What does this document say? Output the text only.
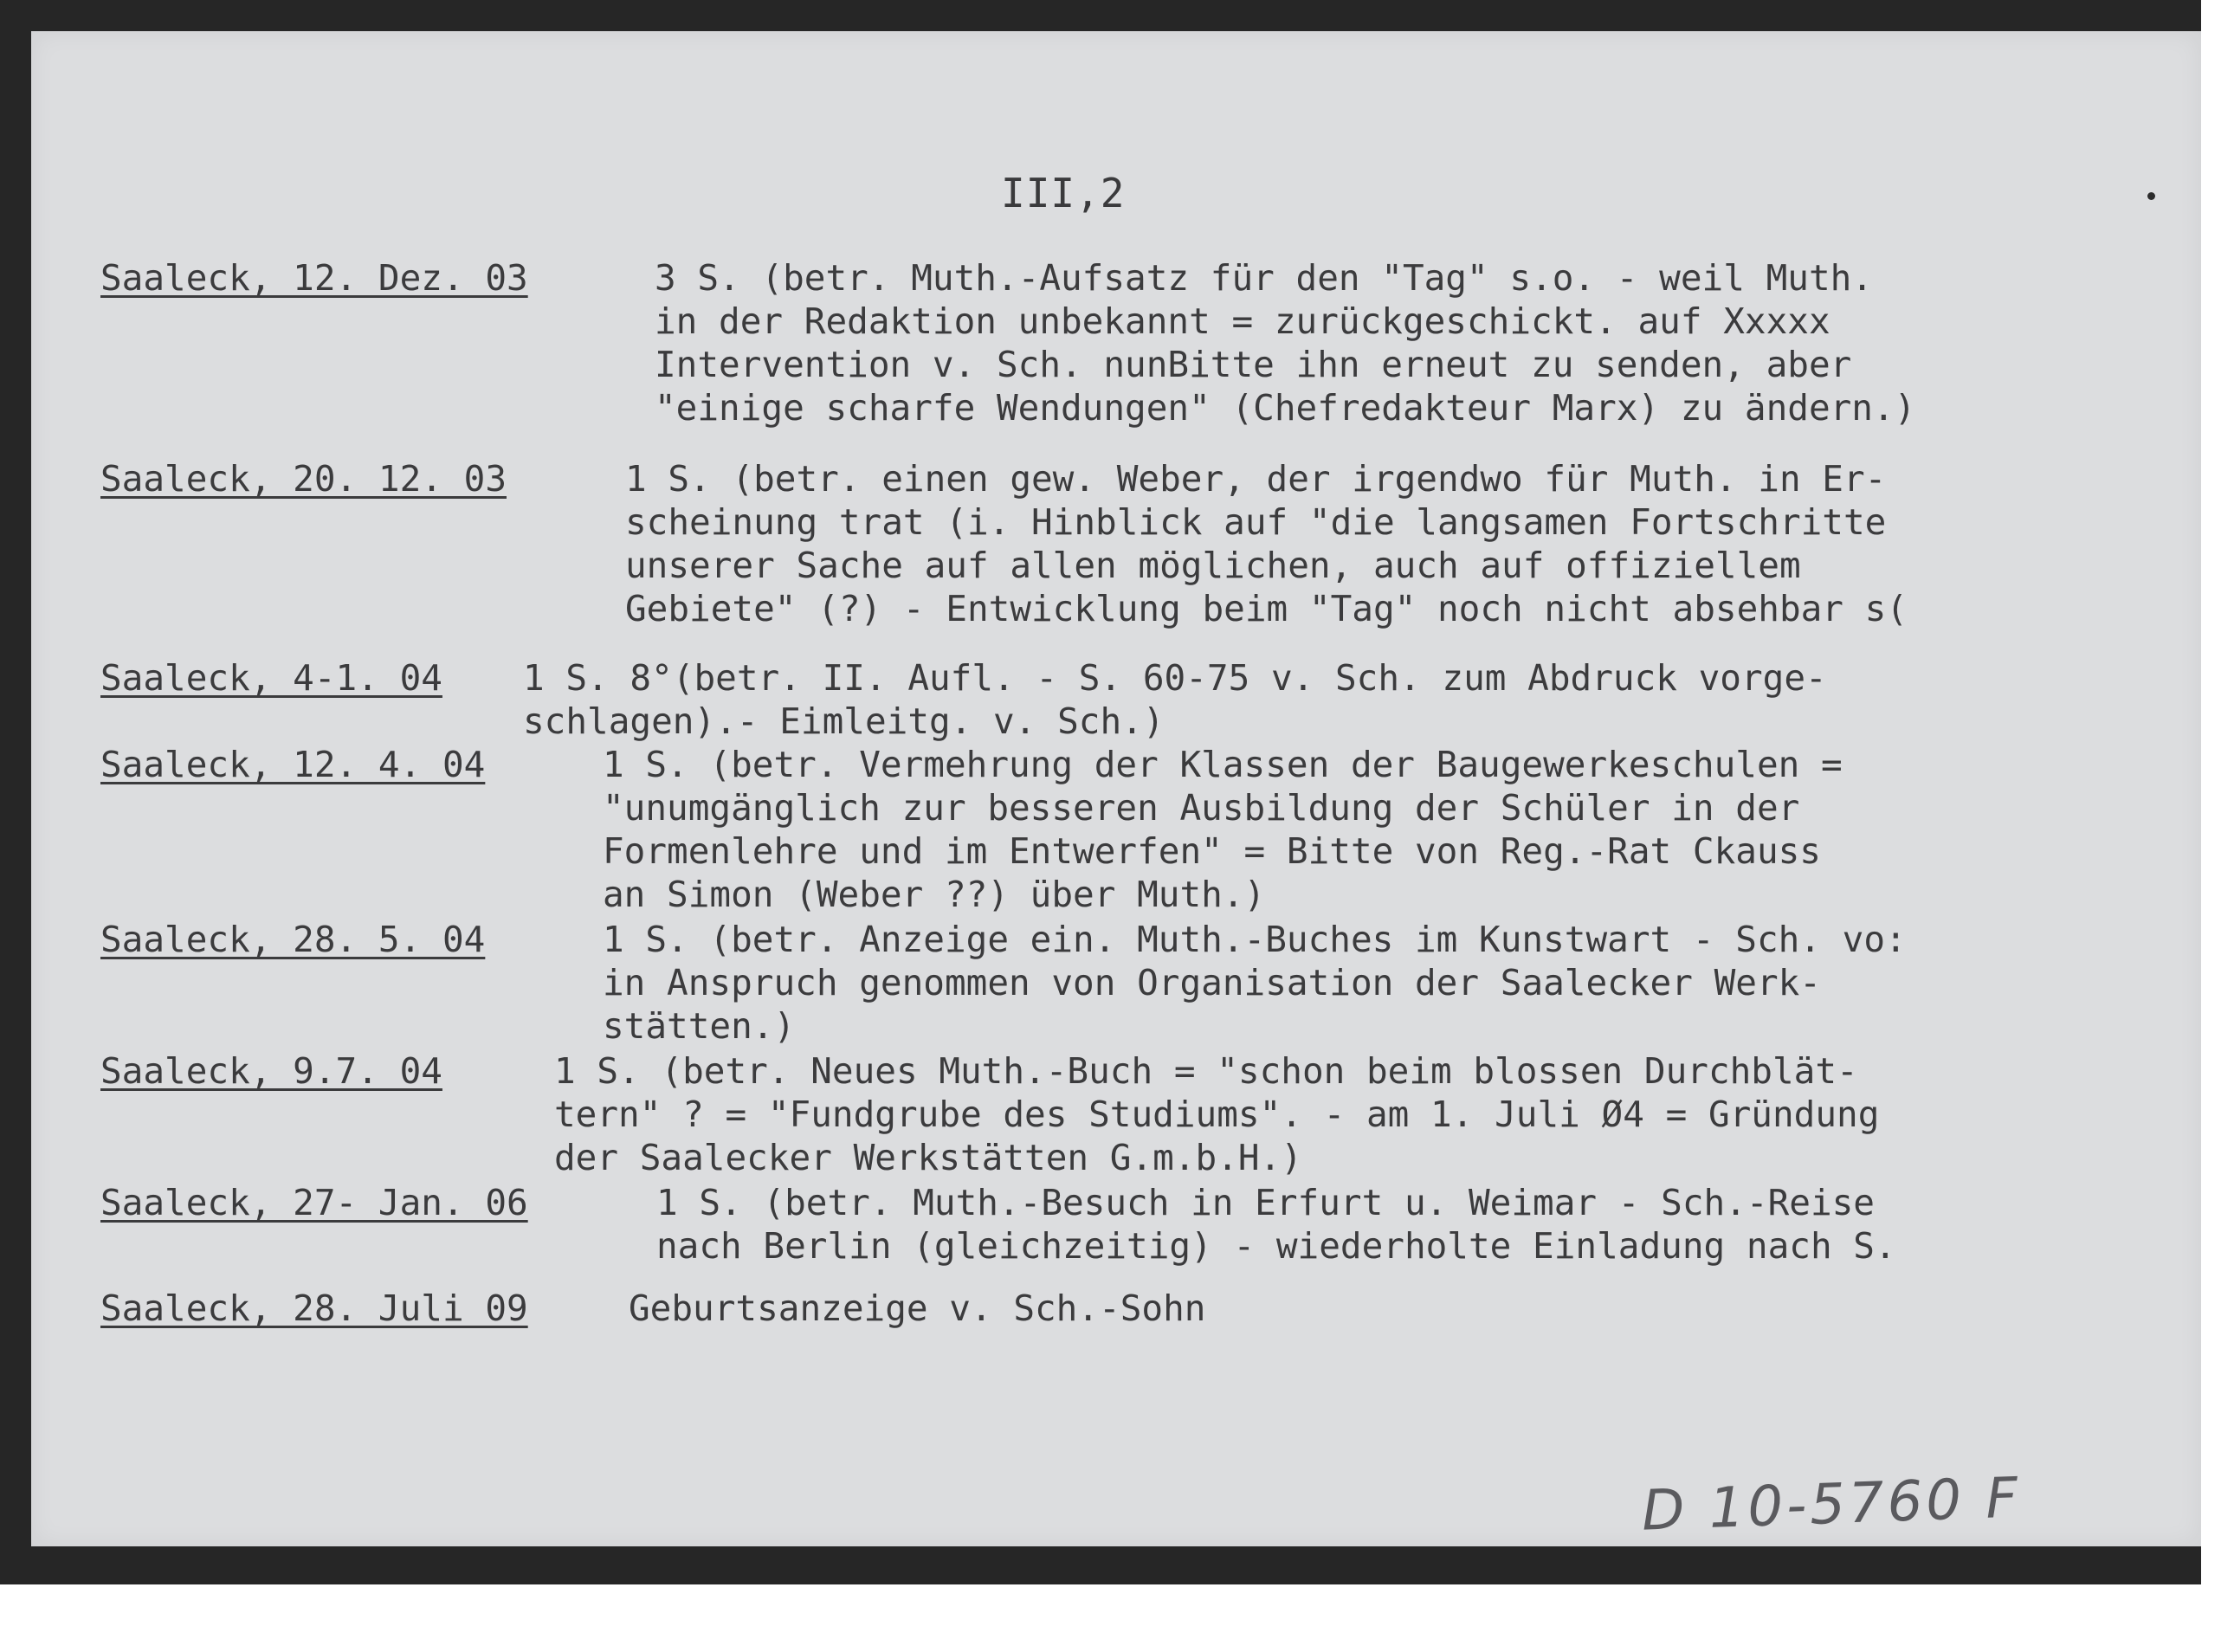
III,2
Saaleck, 12. Dez. 03	3 S. (betr. Muth.-Aufsatz für den "Tag" s.o. - weil Muth.
in der Redaktion unbekannt = zurückgeschickt. auf Xxxxx
Intervention v. Sch. nunBitte ihn erneut zu senden, aber
"einige scharfe Wendungen" (Chefredakteur Marx) zu ändern.)
Saaleck, 20. 12. 03	1 S. (betr. einen gew. Weber, der irgendwo für Muth. in Er-
scheinung trat (i. Hinblick auf "die langsamen Fortschritte
unserer Sache auf allen möglichen, auch auf offiziellem
Gebiete" (?) - Entwicklung beim "Tag" noch nicht absehbar s(
Saaleck, 4-1. 04 1 S. 8°(betr. II. Aufl. - S. 60-75 v. Sch. zum Abdruck vorge-
schlagen).- Eimleitg. v. Sch.)
Saaleck, 12. 4. 04	1 S. (betr. Vermehrung der Klassen der Baugewerkeschulen =
"unumgänglich zur besseren Ausbildung der Schüler in der
Formenlehre und im Entwerfen" = Bitte von Reg.-Rat Ckauss
an Simon (Weber ??) über Muth.)
Saaleck, 28. 5. 04	1 S. (betr. Anzeige ein. Muth.-Buches im Kunstwart - Sch. vo:
in Anspruch genommen von Organisation der Saalecker Werk-
stätten.)
Saaleck, 9.7. 04	1 S. (betr. Neues Muth.-Buch = "schon beim blossen Durchblät-
tern" ? = "Fundgrube des Studiums". - am 1. Juli Ø4 = Gründung
der Saalecker Werkstätten G.m.b.H.)
Saaleck, 27- Jan. 06	1 S. (betr. Muth.-Besuch in Erfurt u. Weimar - Sch.-Reise
nach Berlin (gleichzeitig) - wiederholte Einladung nach S.
Saaleck, 28. Juli 09	Geburtsanzeige v. Sch.-Sohn
D 10-5760 F
